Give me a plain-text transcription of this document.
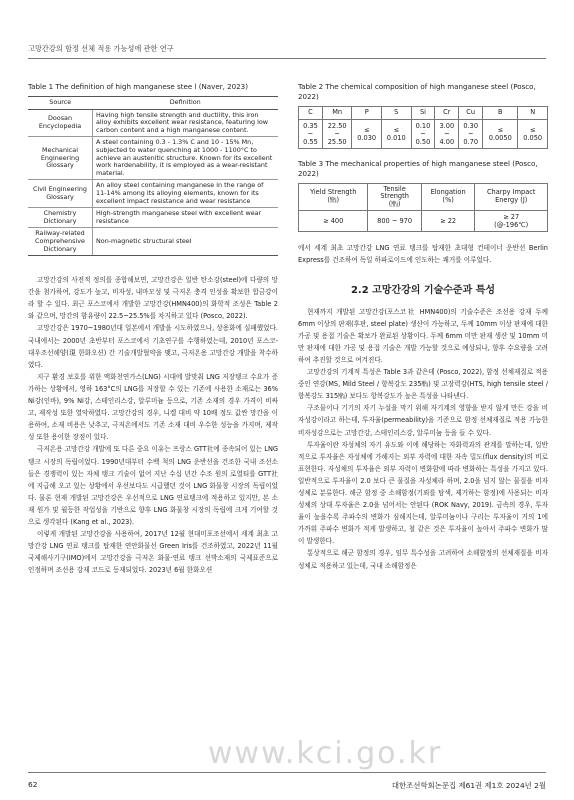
고망간강의 함정 선체 적용 가능성에 관한 연구
Table 1 The definition of high manganese stee l (Naver, 2023)
Source	Definition
Doosan Encyclopedia	Having high tensile strength and ductility, this iron alloy exhibits excellent wear resistance, featuring low carbon content and a high manganese content.
Mechanical Engineering Glossary	A steel containing 0.3 - 1.3% C and 10 - 15% Mn, subjected to water quenching at 1000 - 1100°C to achieve an austenitic structure. Known for its excellent work hardenability, it is employed as a wear-resistant material.
Civil Engineering Glossary	An alloy steel containing manganese in the range of 11-14% among its alloying elements, known for its excellent impact resistance and wear resistance
Chemistry Dictionary	High-strength manganese steel with excellent wear resistance
Railway-related Comprehensive Dictionary	Non-magnetic structural steel

고망간강의 사전적 정의를 종합해보면, 고망간강은 일반 탄소강(steel)에 다량의 망간을 첨가하여, 강도가 높고, 비자성, 내마모성 및 극저온 충격 인성을 확보한 합금강이라 할 수 있다. 최근 포스코에서 개발한 고망간강(HMN400)의 화학적 조성은 Table 2와 같으며, 망간의 함유량이 22.5~25.5%를 차지하고 있다 (Posco, 2022).

고망간강은 1970~1980년대 일본에서 개발을 시도하였으나, 상용화에 실패했었다. 국내에서는 2000년 초반부터 포스코에서 기초연구를 수행하였는데, 2010년 포스코-대우조선해양(現 한화오션) 간 기술개발협약을 맺고, 극저온용 고망간강 개발을 착수하였다.

지구 환경 보호를 위한 액화천연가스(LNG) 시대에 발맞춰 LNG 저장탱크 수요가 증가하는 상황에서, 영하 163°C의 LNG를 저장할 수 있는 기존에 사용한 소재로는 36% Ni강(인바), 9% Ni강, 스테인리스강, 알루미늄 등으로, 기존 소재의 경우 가격이 비싸고, 제작성 또한 열악하였다. 고망간강의 경우, 니켈 대비 약 10배 정도 값싼 망간을 이용하여, 소재 비용은 낮추고, 극저온에서도 기존 소재 대비 우수한 성능을 가지며, 제작성 또한 용이한 장점이 있다.

극저온용 고망간강 개발에 또 다른 중요 이유는 프랑스 GTT社에 종속되어 있는 LNG 탱크 시장의 독립이었다. 1990년대부터 수백 척의 LNG 운반선을 건조한 국내 조선소들은 경쟁력이 있는 자체 탱크 기술이 없어 지난 수십 년간 수조 원의 로열티를 GTT社에 지급해 오고 있는 상황에서 우선보다도 시급했던 것이 LNG 화물창 시장의 독립이었다. 물론 현재 개발된 고망간강은 우선적으로 LNG 연료탱크에 적용하고 있지만, 본 소재 원가 및 월등한 작업성을 기반으로 향후 LNG 화물창 시장의 독립에 크게 기여할 것으로 생각된다 (Kang et al., 2023).

이렇게 개발된 고망간강을 사용하여, 2017년 12월 현대미포조선에서 세계 최초 고망간강 LNG 연료 탱크를 탑재한 연안화물선 Green Iris를 건조하였고, 2022년 11월 국제해사기구(IMO)에서 고망간강을 극저온 화물·연료 탱크 선박소재의 국제표준으로 인정하며 조선용 강재 코드로 등재되었다. 2023년 6월 한화오션

Table 2 The chemical composition of high manganese steel (Posco, 2022)
C	Mn	P	S	Si	Cr	Cu	B	N
0.35
~
0.55	22.50
~
25.50	≤
0.030	≤
0.010	0.10
~
0.50	3.00
~
4.00	0.30
~
0.70	≤
0.0050	≤
0.050
Table 3 The mechanical properties of high manganese steel (Posco, 2022)
Yield Strength
(㎫)	Tensile
Strength
(㎫)	Elongation
(%)	Charpy Impact
Energy (J)
≥ 400	800 ~ 970	≥ 22	≥ 27
(@-196℃)

에서 세계 최초 고망간강 LNG 연료 탱크를 탑재한 초대형 컨테이너 운반선 Berlin Express를 건조하여 독일 하파로이드에 인도하는 쾌거를 이루었다.

2.2 고망간강의 기술수준과 특성

현재까지 개발된 고망간강(포스코社 HMN400)의 기술수준은 조선용 강재 두께 6mm 이상의 판재(후판, steel plate) 생산이 가능하고, 두께 10mm 이상 판재에 대한 가공 및 용접 기술은 확보가 완료된 상황이다. 두께 6mm 미만 판재 생산 및 10mm 미만 판재에 대한 가공 및 용접 기술은 개발 가능할 것으로 예상되나, 향후 수요량을 고려하여 추진할 것으로 여겨진다.

고망간강의 기계적 특성은 Table 3과 같은데 (Posco, 2022), 함정 선체재질로 적용 중인 연강(MS, Mild Steel / 항복강도 235㎫) 및 고장력강(HTS, high tensile steel / 항복강도 315㎫) 보다도 항복강도가 높은 특성을 나타낸다.

구조물이나 기기의 자기 누설을 막기 위해 자기계의 영향을 받지 않게 만든 강을 비자성강이라고 하는데, 투자율(permeability)을 기준으로 함정 선체재질로 적용 가능한 비자성강으로는 고망간강, 스테인리스강, 알루미늄 등을 들 수 있다.

투자율이란 자성체의 자기 유도와 이에 해당하는 자화력과의 관계를 말하는데, 일반적으로 투자율은 자성체에 가해지는 외부 자력에 대한 자속 밀도(flux density)의 비로 표현한다. 자성체의 투자율은 외부 자력이 변화함에 따라 변화하는 특성을 가지고 있다. 일반적으로 투자율이 2.0 보다 큰 물질을 자성체라 하며, 2.0을 넘지 않는 물질을 비자성체로 분류한다. 해군 함정 중 소해함정(기뢰를 탐색, 제거하는 함정)에 사용되는 비자성체의 상대 투자율은 2.0을 넘어서는 안된다 (ROK Navy, 2019). 금속의 경우, 투자율이 높을수록 주파수의 변화가 심해지는데, 알루미늄이나 구리는 투자율이 거의 1에 가까워 주파수 변화가 적게 발생하고, 철 같은 것은 투자율이 높아서 주파수 변화가 많이 발생한다.

통상적으로 해군 함정의 경우, 임무 특수성을 고려하여 소해함정의 선체재질을 비자성체로 적용하고 있는데, 국내 소해함정은

www.kci.go.kr
62	대한조선학회논문집 제61권 제1호 2024년 2월
